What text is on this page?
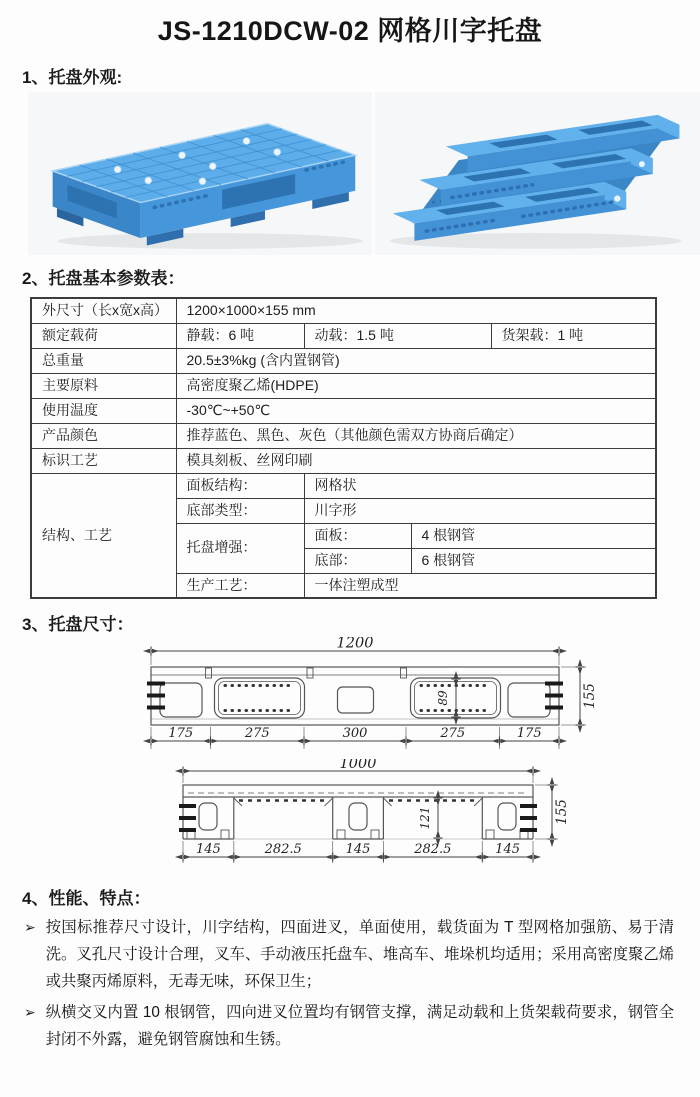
JS-1210DCW-02 网格川字托盘
1、托盘外观:
2、托盘基本参数表：
外尺寸（长x宽x高）	1200×1000×155 mm			
额定载荷	静载：6 吨	动载：1.5 吨		货架载：1 吨
总重量	20.5±3%kg (含内置钢管)			
主要原料	高密度聚乙烯(HDPE)			
使用温度	-30℃~+50℃			
产品颜色	推荐蓝色、黑色、灰色（其他颜色需双方协商后确定）			
标识工艺	模具刻板、丝网印刷			
结构、工艺	面板结构：	网格状		
	底部类型：	川字形		
	托盘增强：	面板：	4 根钢管	
		底部：	6 根钢管	
	生产工艺：	一体注塑成型		
3、托盘尺寸：
1200
155
89
175	275	300	275	175
1000
155
121
145	282.5	145	282.5	145
4、性能、特点：
➢ 按国标推荐尺寸设计，川字结构，四面进叉，单面使用，载货面为 T 型网格加强筋、易于清洗。叉孔尺寸设计合理，叉车、手动液压托盘车、堆高车、堆垛机均适用；采用高密度聚乙烯或共聚丙烯原料，无毒无味，环保卫生；
➢ 纵横交叉内置 10 根钢管，四向进叉位置均有钢管支撑，满足动载和上货架载荷要求，钢管全封闭不外露，避免钢管腐蚀和生锈。
